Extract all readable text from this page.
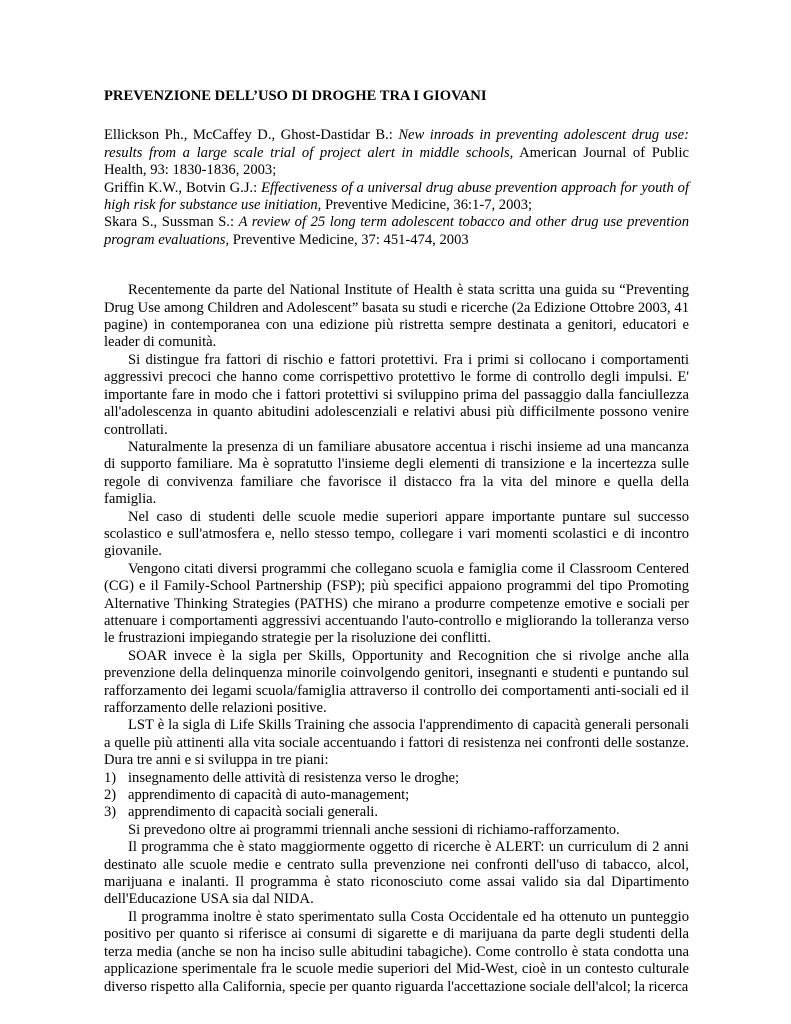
PREVENZIONE DELL’USO DI DROGHE TRA I GIOVANI

Ellickson Ph., McCaffey D., Ghost-Dastidar B.: New inroads in preventing adolescent drug use: results from a large scale trial of project alert in middle schools, American Journal of Public Health, 93: 1830-1836, 2003;

Griffin K.W., Botvin G.J.: Effectiveness of a universal drug abuse prevention approach for youth of high risk for substance use initiation, Preventive Medicine, 36:1-7, 2003;

Skara S., Sussman S.: A review of 25 long term adolescent tobacco and other drug use prevention program evaluations, Preventive Medicine, 37: 451-474, 2003

Recentemente da parte del National Institute of Health è stata scritta una guida su “Preventing Drug Use among Children and Adolescent” basata su studi e ricerche (2a Edizione Ottobre 2003, 41 pagine) in contemporanea con una edizione più ristretta sempre destinata a genitori, educatori e leader di comunità.

Si distingue fra fattori di rischio e fattori protettivi. Fra i primi si collocano i comportamenti aggressivi precoci che hanno come corrispettivo protettivo le forme di controllo degli impulsi. E' importante fare in modo che i fattori protettivi si sviluppino prima del passaggio dalla fanciullezza all'adolescenza in quanto abitudini adolescenziali e relativi abusi più difficilmente possono venire controllati.

Naturalmente la presenza di un familiare abusatore accentua i rischi insieme ad una mancanza di supporto familiare. Ma è sopratutto l'insieme degli elementi di transizione e la incertezza sulle regole di convivenza familiare che favorisce il distacco fra la vita del minore e quella della famiglia.

Nel caso di studenti delle scuole medie superiori appare importante puntare sul successo scolastico e sull'atmosfera e, nello stesso tempo, collegare i vari momenti scolastici e di incontro giovanile.

Vengono citati diversi programmi che collegano scuola e famiglia come il Classroom Centered (CG) e il Family-School Partnership (FSP); più specifici appaiono programmi del tipo Promoting Alternative Thinking Strategies (PATHS) che mirano a produrre competenze emotive e sociali per attenuare i comportamenti aggressivi accentuando l'auto-controllo e migliorando la tolleranza verso le frustrazioni impiegando strategie per la risoluzione dei conflitti.

SOAR invece è la sigla per Skills, Opportunity and Recognition che si rivolge anche alla prevenzione della delinquenza minorile coinvolgendo genitori, insegnanti e studenti e puntando sul rafforzamento dei legami scuola/famiglia attraverso il controllo dei comportamenti anti-sociali ed il rafforzamento delle relazioni positive.

LST è la sigla di Life Skills Training che associa l'apprendimento di capacità generali personali a quelle più attinenti alla vita sociale accentuando i fattori di resistenza nei confronti delle sostanze. Dura tre anni e si sviluppa in tre piani:

1) insegnamento delle attività di resistenza verso le droghe;
2) apprendimento di capacità di auto-management;
3) apprendimento di capacità sociali generali.

Si prevedono oltre ai programmi triennali anche sessioni di richiamo-rafforzamento.

Il programma che è stato maggiormente oggetto di ricerche è ALERT: un curriculum di 2 anni destinato alle scuole medie e centrato sulla prevenzione nei confronti dell'uso di tabacco, alcol, marijuana e inalanti. Il programma è stato riconosciuto come assai valido sia dal Dipartimento dell'Educazione USA sia dal NIDA.

Il programma inoltre è stato sperimentato sulla Costa Occidentale ed ha ottenuto un punteggio positivo per quanto si riferisce ai consumi di sigarette e di marijuana da parte degli studenti della terza media (anche se non ha inciso sulle abitudini tabagiche). Come controllo è stata condotta una applicazione sperimentale fra le scuole medie superiori del Mid-West, cioè in un contesto culturale diverso rispetto alla California, specie per quanto riguarda l'accettazione sociale dell'alcol; la ricerca
